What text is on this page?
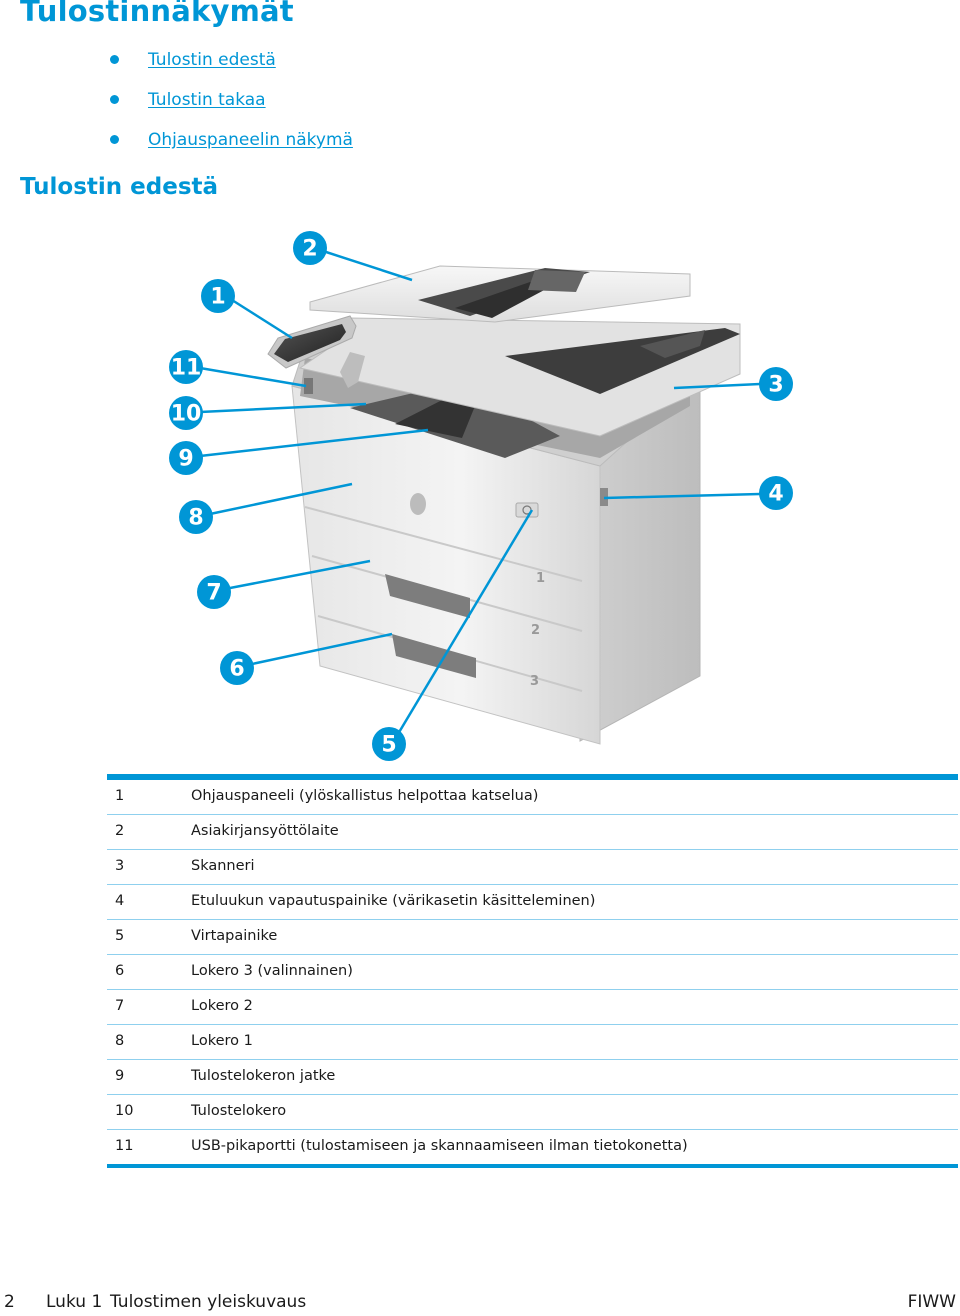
Tulostinnäkymät
Tulostin edestä
Tulostin takaa
Ohjauspaneelin näkymä
Tulostin edestä
1
2
3
1
2
3
4
5
6
7
8
9
10
11
1	Ohjauspaneeli (ylöskallistus helpottaa katselua)
2	Asiakirjansyöttölaite
3	Skanneri
4	Etuluukun vapautuspainike (värikasetin käsitteleminen)
5	Virtapainike
6	Lokero 3 (valinnainen)
7	Lokero 2
8	Lokero 1
9	Tulostelokeron jatke
10	Tulostelokero
11	USB-pikaportti (tulostamiseen ja skannaamiseen ilman tietokonetta)
2 Luku 1 Tulostimen yleiskuvaus	FIWW
